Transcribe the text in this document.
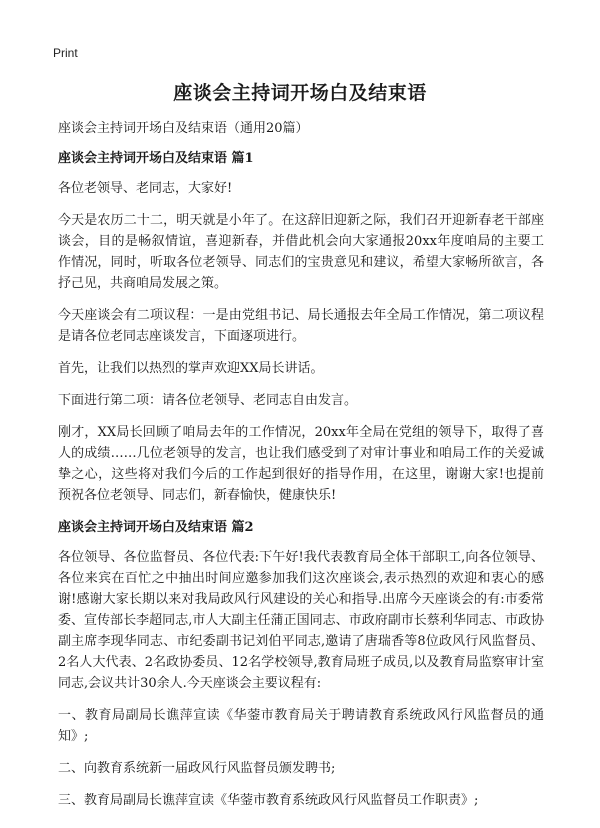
Print
座谈会主持词开场白及结束语
座谈会主持词开场白及结束语（通用20篇）
座谈会主持词开场白及结束语 篇1

各位老领导、老同志，大家好!

今天是农历二十二，明天就是小年了。在这辞旧迎新之际，我们召开迎新春老干部座谈会，目的是畅叙情谊，喜迎新春，并借此机会向大家通报20xx年度咱局的主要工作情况，同时，听取各位老领导、同志们的宝贵意见和建议，希望大家畅所欲言，各抒己见，共商咱局发展之策。

今天座谈会有二项议程：一是由党组书记、局长通报去年全局工作情况，第二项议程是请各位老同志座谈发言，下面逐项进行。

首先，让我们以热烈的掌声欢迎XX局长讲话。

下面进行第二项：请各位老领导、老同志自由发言。

刚才，XX局长回顾了咱局去年的工作情况，20xx年全局在党组的领导下，取得了喜人的成绩……几位老领导的发言，也让我们感受到了对审计事业和咱局工作的关爱诚挚之心，这些将对我们今后的工作起到很好的指导作用，在这里，谢谢大家!也提前预祝各位老领导、同志们，新春愉快，健康快乐!

座谈会主持词开场白及结束语 篇2

各位领导、各位监督员、各位代表:下午好!我代表教育局全体干部职工,向各位领导、各位来宾在百忙之中抽出时间应邀参加我们这次座谈会,表示热烈的欢迎和衷心的感谢!感谢大家长期以来对我局政风行风建设的关心和指导.出席今天座谈会的有:市委常委、宣传部长李超同志,市人大副主任蒲正国同志、市政府副市长蔡利华同志、市政协副主席李现华同志、市纪委副书记刘伯平同志,邀请了唐瑞香等8位政风行风监督员、2名人大代表、2名政协委员、12名学校领导,教育局班子成员,以及教育局监察审计室同志,会议共计30余人.今天座谈会主要议程有:

一、教育局副局长谯萍宣读《华蓥市教育局关于聘请教育系统政风行风监督员的通知》;

二、向教育系统新一届政风行风监督员颁发聘书;

三、教育局副局长谯萍宣读《华蓥市教育系统政风行风监督员工作职责》;
